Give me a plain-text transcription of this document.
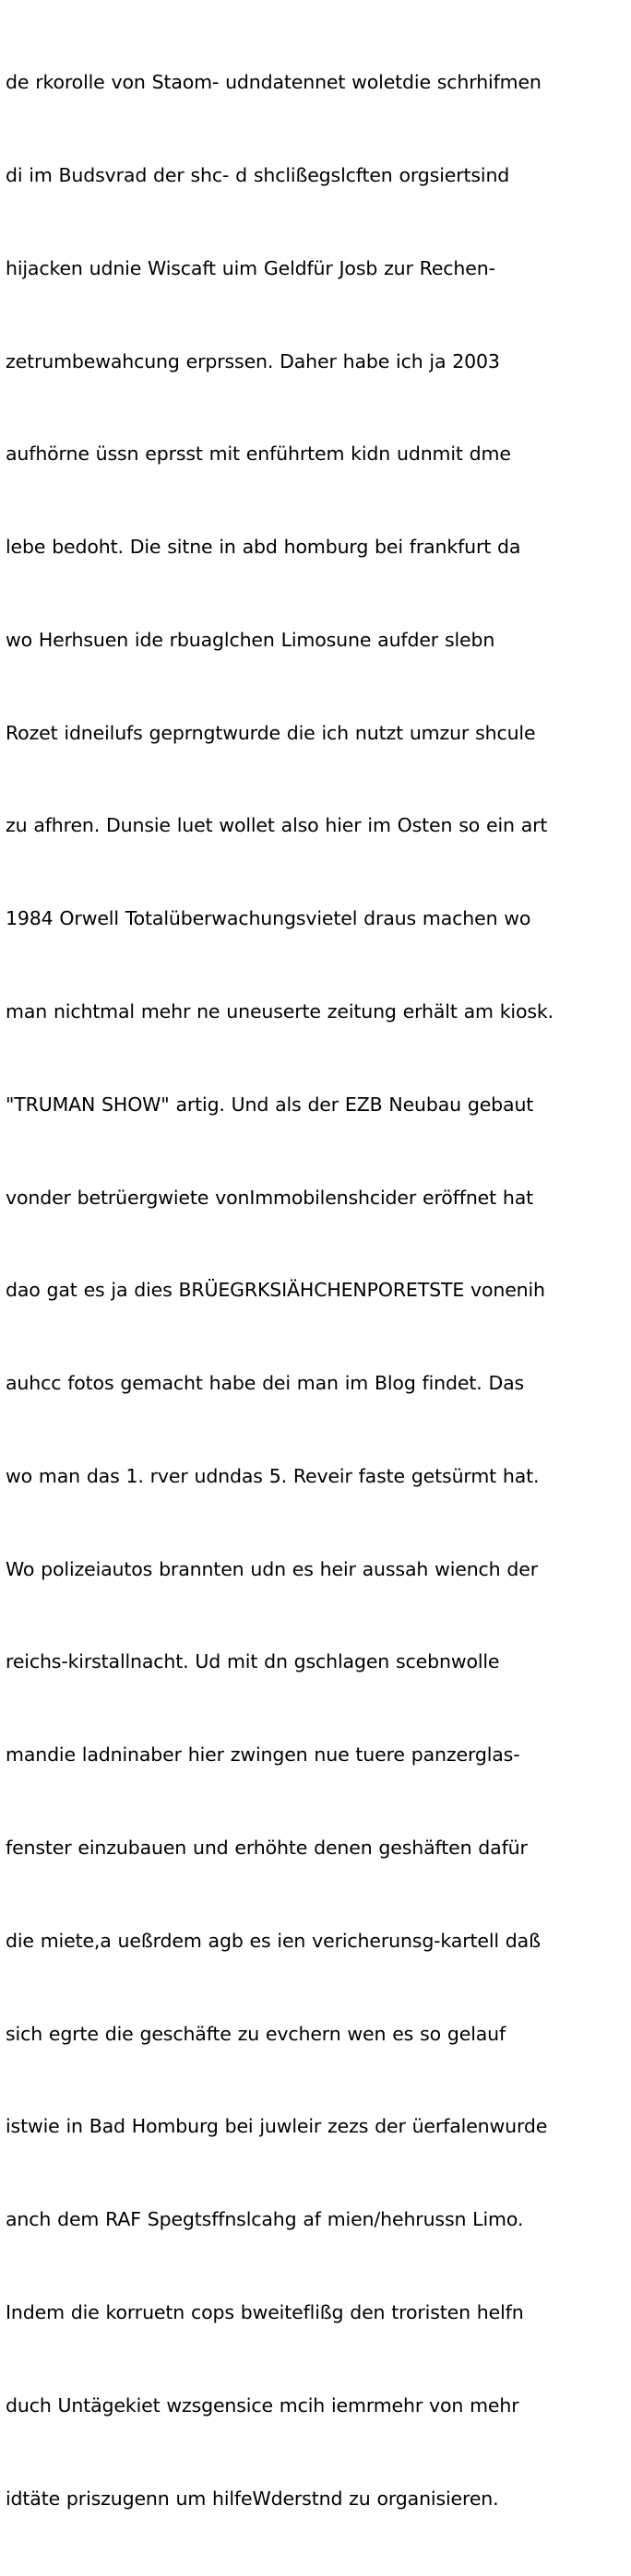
de rkorolle von Staom- udndatennet woletdie schrhifmen

di im Budsvrad der shc- d shclißegslcften orgsiertsind

hijacken udnie Wiscaft uim Geldfür Josb zur Rechen-

zetrumbewahcung erprssen. Daher habe ich ja 2003

aufhörne üssn eprsst mit enführtem kidn udnmit dme

lebe bedoht. Die sitne in abd homburg bei frankfurt da

wo Herhsuen ide rbuaglchen Limosune aufder slebn

Rozet idneilufs geprngtwurde die ich nutzt umzur shcule

zu afhren. Dunsie luet wollet also hier im Osten so ein art

1984 Orwell Totalüberwachungsvietel draus machen wo

man nichtmal mehr ne uneuserte zeitung erhält am kiosk.

"TRUMAN SHOW" artig. Und als der EZB Neubau gebaut

vonder betrüergwiete vonImmobilenshcider eröffnet hat

dao gat es ja dies BRÜEGRKSIÄHCHENPORETSTE vonenih

auhcc fotos gemacht habe dei man im Blog findet. Das

wo man das 1. rver udndas 5. Reveir faste getsürmt hat.

Wo polizeiautos brannten udn es heir aussah wiench der

reichs-kirstallnacht. Ud mit dn gschlagen scebnwolle

mandie ladninaber hier zwingen nue tuere panzerglas-

fenster einzubauen und erhöhte denen geshäften dafür

die miete,a ueßrdem agb es ien vericherunsg-kartell daß

sich egrte die geschäfte zu evchern wen es so gelauf

istwie in Bad Homburg bei juwleir zezs der üerfalenwurde

anch dem RAF Spegtsffnslcahg af mien/hehrussn Limo.

Indem die korruetn cops bweiteflißg den troristen helfn

duch Untägekiet wzsgensice mcih iemrmehr von mehr

idtäte priszugenn um hilfeWderstnd zu organisieren.
